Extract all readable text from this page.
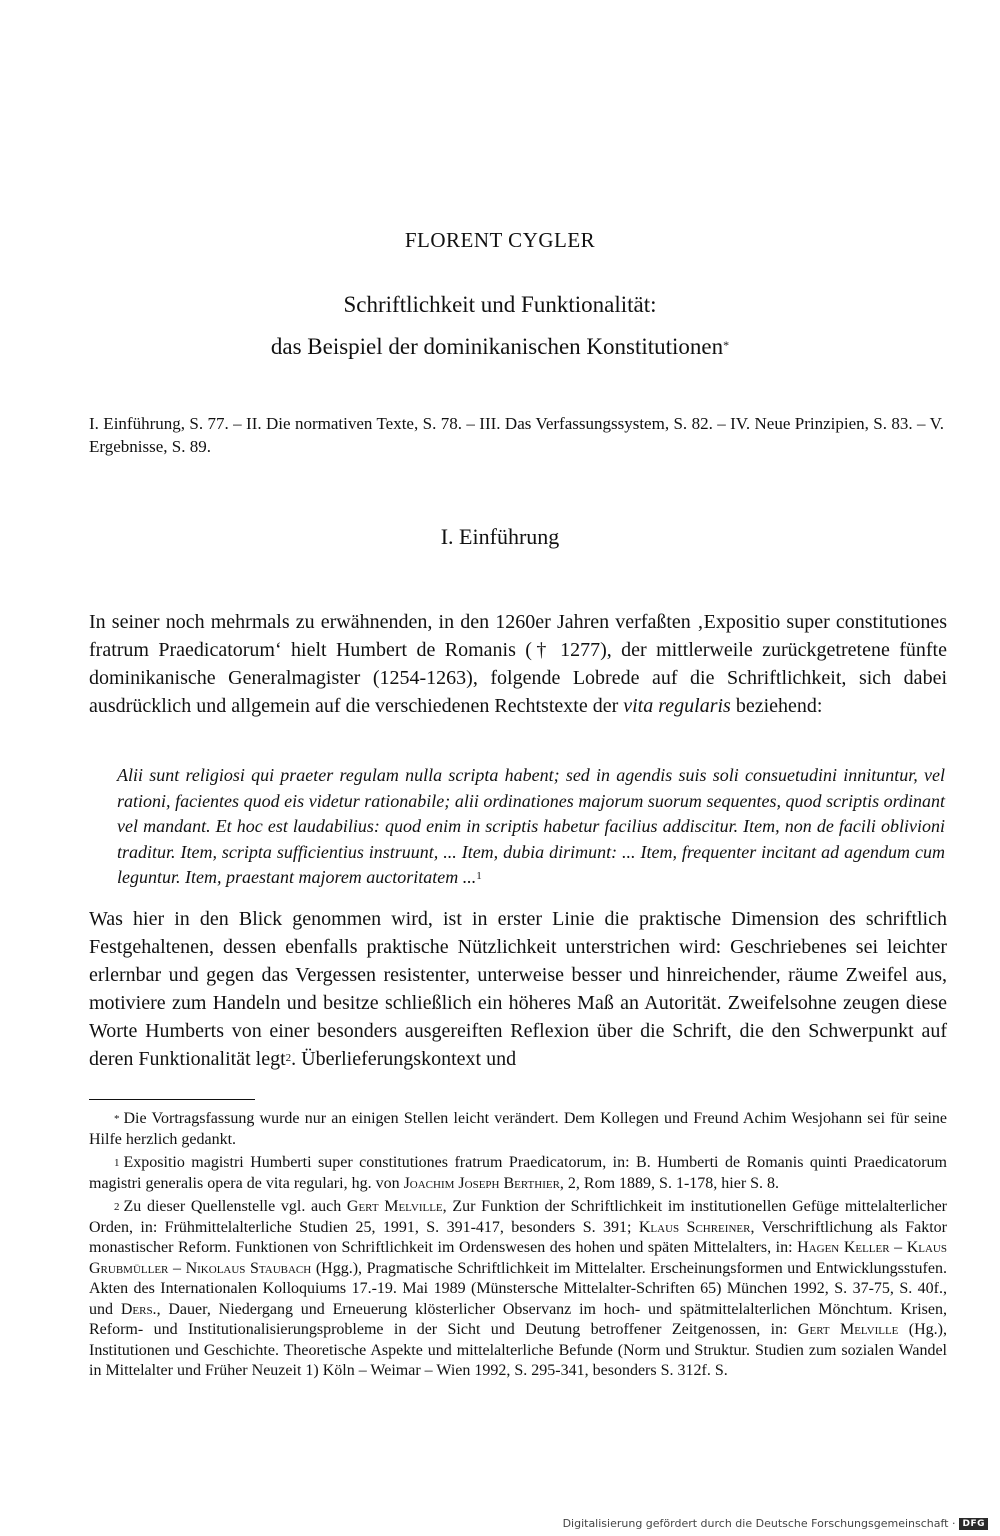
FLORENT CYGLER
Schriftlichkeit und Funktionalität:
das Beispiel der dominikanischen Konstitutionen*
I. Einführung, S. 77. – II. Die normativen Texte, S. 78. – III. Das Verfassungssystem, S. 82. – IV. Neue Prinzipien, S. 83. – V. Ergebnisse, S. 89.
I. Einführung
In seiner noch mehrmals zu erwähnenden, in den 1260er Jahren verfaßten ‚Expositio super constitutiones fratrum Praedicatorum‘ hielt Humbert de Romanis († 1277), der mittlerweile zurückgetretene fünfte dominikanische Generalmagister (1254-1263), folgende Lobrede auf die Schriftlichkeit, sich dabei ausdrücklich und allgemein auf die verschiedenen Rechtstexte der vita regularis beziehend:
Alii sunt religiosi qui praeter regulam nulla scripta habent; sed in agendis suis soli consuetudini innituntur, vel rationi, facientes quod eis videtur rationabile; alii ordinationes majorum suorum sequentes, quod scriptis ordinant vel mandant. Et hoc est laudabilius: quod enim in scriptis habetur facilius addiscitur. Item, non de facili oblivioni traditur. Item, scripta sufficientius instruunt, ... Item, dubia dirimunt: ... Item, frequenter incitant ad agendum cum leguntur. Item, praestant majorem auctoritatem ...$^1$
Was hier in den Blick genommen wird, ist in erster Linie die praktische Dimension des schriftlich Festgehaltenen, dessen ebenfalls praktische Nützlichkeit unterstrichen wird: Geschriebenes sei leichter erlernbar und gegen das Vergessen resistenter, unterweise besser und hinreichender, räume Zweifel aus, motiviere zum Handeln und besitze schließlich ein höheres Maß an Autorität. Zweifelsohne zeugen diese Worte Humberts von einer besonders ausgereiften Reflexion über die Schrift, die den Schwerpunkt auf deren Funktionalität legt$^2$. Überlieferungskontext und

* Die Vortragsfassung wurde nur an einigen Stellen leicht verändert. Dem Kollegen und Freund Achim Wesjohann sei für seine Hilfe herzlich gedankt.

$^1$ Expositio magistri Humberti super constitutiones fratrum Praedicatorum, in: B. Humberti de Romanis quinti Praedicatorum magistri generalis opera de vita regulari, hg. von Joachim Joseph Berthier, 2, Rom 1889, S. 1-178, hier S. 8.

$^2$ Zu dieser Quellenstelle vgl. auch Gert Melville, Zur Funktion der Schriftlichkeit im institutionellen Gefüge mittelalterlicher Orden, in: Frühmittelalterliche Studien 25, 1991, S. 391-417, besonders S. 391; Klaus Schreiner, Verschriftlichung als Faktor monastischer Reform. Funktionen von Schriftlichkeit im Ordenswesen des hohen und späten Mittelalters, in: Hagen Keller – Klaus Grubmüller – Nikolaus Staubach (Hgg.), Pragmatische Schriftlichkeit im Mittelalter. Erscheinungsformen und Entwicklungsstufen. Akten des Internationalen Kolloquiums 17.-19. Mai 1989 (Münstersche Mittelalter-Schriften 65) München 1992, S. 37-75, S. 40f., und Ders., Dauer, Niedergang und Erneuerung klösterlicher Observanz im hoch- und spätmittelalterlichen Mönchtum. Krisen, Reform- und Institutionalisierungsprobleme in der Sicht und Deutung betroffener Zeitgenossen, in: Gert Melville (Hg.), Institutionen und Geschichte. Theoretische Aspekte und mittelalterliche Befunde (Norm und Struktur. Studien zum sozialen Wandel in Mittelalter und Früher Neuzeit 1) Köln – Weimar – Wien 1992, S. 295-341, besonders S. 312f. S.

Digitalisierung gefördert durch die Deutsche Forschungsgemeinschaft · DFG
